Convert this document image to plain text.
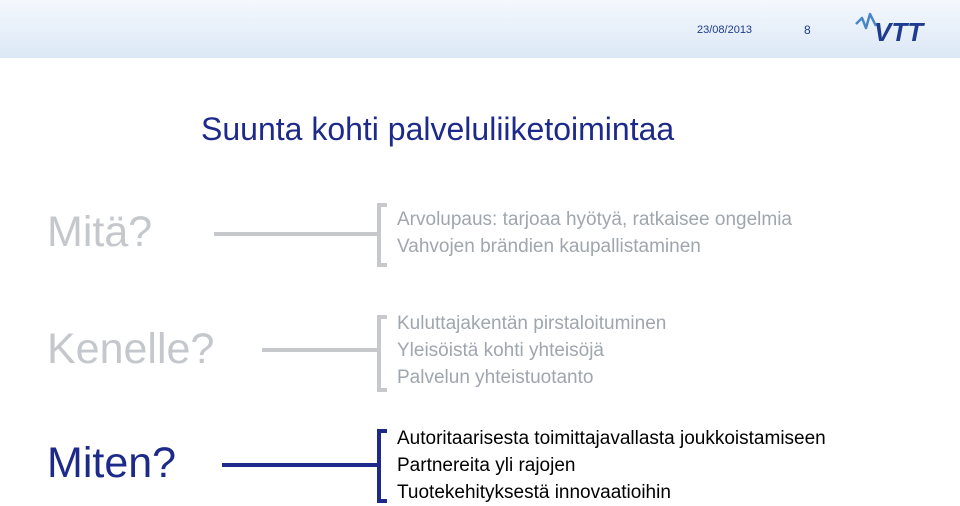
23/08/2013	8 VTT
Suunta kohti palveluliiketoimintaa
Mitä?	Arvolupaus: tarjoaa hyötyä, ratkaisee ongelmia
Vahvojen brändien kaupallistaminen
Kenelle?
Kuluttajakentän pirstaloituminen
Yleisöistä kohti yhteisöjä
Palvelun yhteistuotanto
Miten?
Autoritaarisesta toimittajavallasta joukkoistamiseen
Partnereita yli rajojen
Tuotekehityksestä innovaatioihin
